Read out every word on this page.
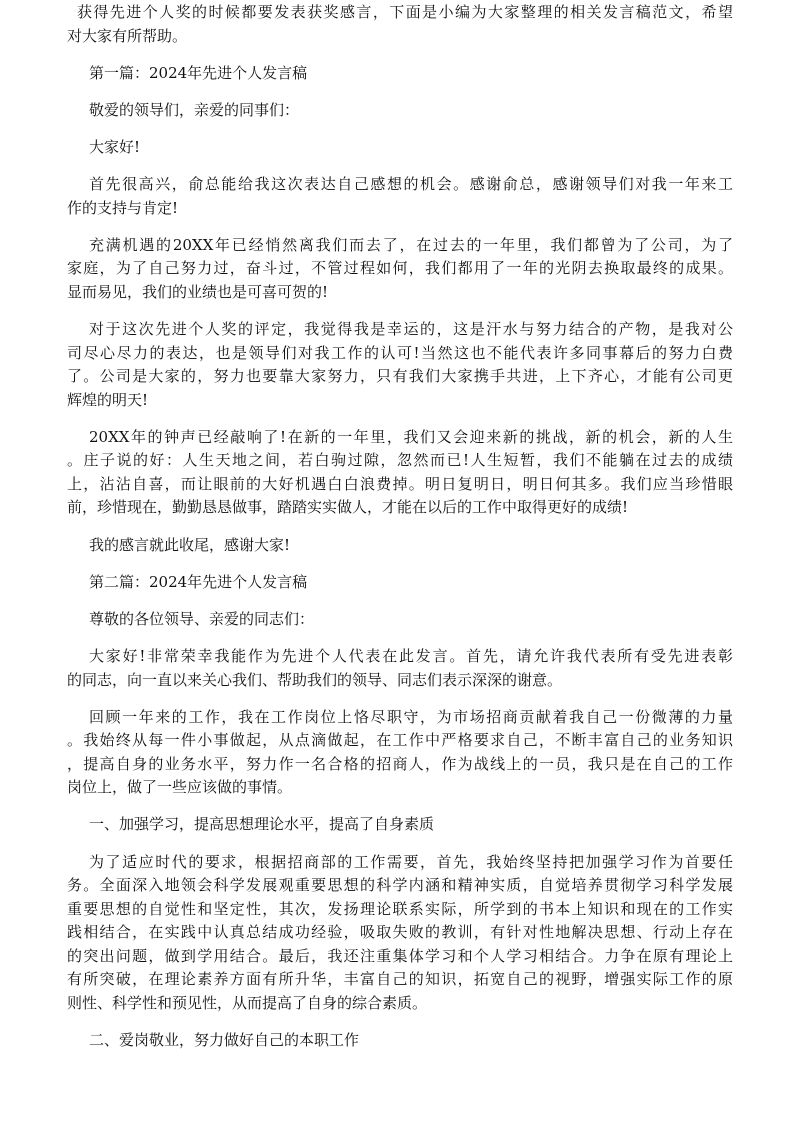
获得先进个人奖的时候都要发表获奖感言，下面是小编为大家整理的相关发言稿范文，希望
对大家有所帮助。
第一篇：2024年先进个人发言稿
敬爱的领导们，亲爱的同事们：
大家好!
首先很高兴，俞总能给我这次表达自己感想的机会。感谢俞总，感谢领导们对我一年来工
作的支持与肯定!
充满机遇的20XX年已经悄然离我们而去了，在过去的一年里，我们都曾为了公司，为了
家庭，为了自己努力过，奋斗过，不管过程如何，我们都用了一年的光阴去换取最终的成果。
显而易见，我们的业绩也是可喜可贺的!
对于这次先进个人奖的评定，我觉得我是幸运的，这是汗水与努力结合的产物，是我对公
司尽心尽力的表达，也是领导们对我工作的认可!当然这也不能代表许多同事幕后的努力白费
了。公司是大家的，努力也要靠大家努力，只有我们大家携手共进，上下齐心，才能有公司更
辉煌的明天!
20XX年的钟声已经敲响了!在新的一年里，我们又会迎来新的挑战，新的机会，新的人生
。庄子说的好：人生天地之间，若白驹过隙，忽然而已!人生短暂，我们不能躺在过去的成绩
上，沾沾自喜，而让眼前的大好机遇白白浪费掉。明日复明日，明日何其多。我们应当珍惜眼
前，珍惜现在，勤勤恳恳做事，踏踏实实做人，才能在以后的工作中取得更好的成绩!
我的感言就此收尾，感谢大家!
第二篇：2024年先进个人发言稿
尊敬的各位领导、亲爱的同志们：
大家好!非常荣幸我能作为先进个人代表在此发言。首先，请允许我代表所有受先进表彰
的同志，向一直以来关心我们、帮助我们的领导、同志们表示深深的谢意。
回顾一年来的工作，我在工作岗位上恪尽职守，为市场招商贡献着我自己一份微薄的力量
。我始终从每一件小事做起，从点滴做起，在工作中严格要求自己，不断丰富自己的业务知识
，提高自身的业务水平，努力作一名合格的招商人，作为战线上的一员，我只是在自己的工作
岗位上，做了一些应该做的事情。
一、加强学习，提高思想理论水平，提高了自身素质
为了适应时代的要求，根据招商部的工作需要，首先，我始终坚持把加强学习作为首要任
务。全面深入地领会科学发展观重要思想的科学内涵和精神实质，自觉培养贯彻学习科学发展
重要思想的自觉性和坚定性，其次，发扬理论联系实际，所学到的书本上知识和现在的工作实
践相结合，在实践中认真总结成功经验，吸取失败的教训，有针对性地解决思想、行动上存在
的突出问题，做到学用结合。最后，我还注重集体学习和个人学习相结合。力争在原有理论上
有所突破，在理论素养方面有所升华，丰富自己的知识，拓宽自己的视野，增强实际工作的原
则性、科学性和预见性，从而提高了自身的综合素质。
二、爱岗敬业，努力做好自己的本职工作
